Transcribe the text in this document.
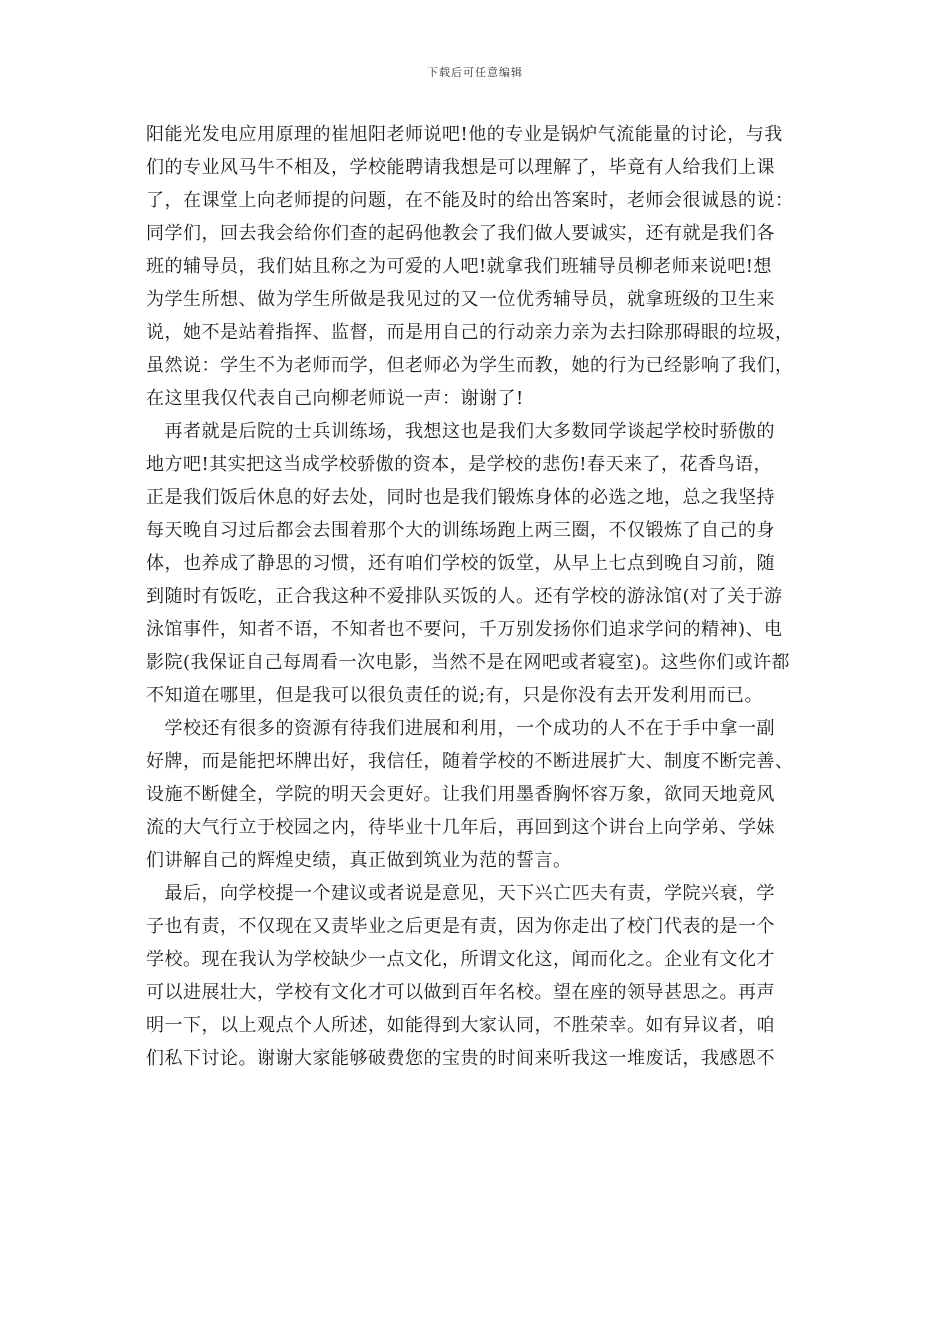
下载后可任意编辑
阳能光发电应用原理的崔旭阳老师说吧!他的专业是锅炉气流能量的讨论，与我
们的专业风马牛不相及，学校能聘请我想是可以理解了，毕竟有人给我们上课
了，在课堂上向老师提的问题，在不能及时的给出答案时，老师会很诚恳的说：
同学们，回去我会给你们查的起码他教会了我们做人要诚实，还有就是我们各
班的辅导员，我们姑且称之为可爱的人吧!就拿我们班辅导员柳老师来说吧!想
为学生所想、做为学生所做是我见过的又一位优秀辅导员，就拿班级的卫生来
说，她不是站着指挥、监督，而是用自己的行动亲力亲为去扫除那碍眼的垃圾，
虽然说：学生不为老师而学，但老师必为学生而教，她的行为已经影响了我们，
在这里我仅代表自己向柳老师说一声：谢谢了!
　再者就是后院的士兵训练场，我想这也是我们大多数同学谈起学校时骄傲的
地方吧!其实把这当成学校骄傲的资本，是学校的悲伤!春天来了，花香鸟语，
正是我们饭后休息的好去处，同时也是我们锻炼身体的必选之地，总之我坚持
每天晚自习过后都会去围着那个大的训练场跑上两三圈，不仅锻炼了自己的身
体，也养成了静思的习惯，还有咱们学校的饭堂，从早上七点到晚自习前，随
到随时有饭吃，正合我这种不爱排队买饭的人。还有学校的游泳馆(对了关于游
泳馆事件，知者不语，不知者也不要问，千万别发扬你们追求学问的精神)、电
影院(我保证自己每周看一次电影，当然不是在网吧或者寝室)。这些你们或许都
不知道在哪里，但是我可以很负责任的说;有，只是你没有去开发利用而已。
　学校还有很多的资源有待我们进展和利用，一个成功的人不在于手中拿一副
好牌，而是能把坏牌出好，我信任，随着学校的不断进展扩大、制度不断完善、
设施不断健全，学院的明天会更好。让我们用墨香胸怀容万象，欲同天地竟风
流的大气行立于校园之内，待毕业十几年后，再回到这个讲台上向学弟、学妹
们讲解自己的辉煌史绩，真正做到筑业为范的誓言。
　最后，向学校提一个建议或者说是意见，天下兴亡匹夫有责，学院兴衰，学
子也有责，不仅现在又责毕业之后更是有责，因为你走出了校门代表的是一个
学校。现在我认为学校缺少一点文化，所谓文化这，闻而化之。企业有文化才
可以进展壮大，学校有文化才可以做到百年名校。望在座的领导甚思之。再声
明一下，以上观点个人所述，如能得到大家认同，不胜荣幸。如有异议者，咱
们私下讨论。谢谢大家能够破费您的宝贵的时间来听我这一堆废话，我感恩不
